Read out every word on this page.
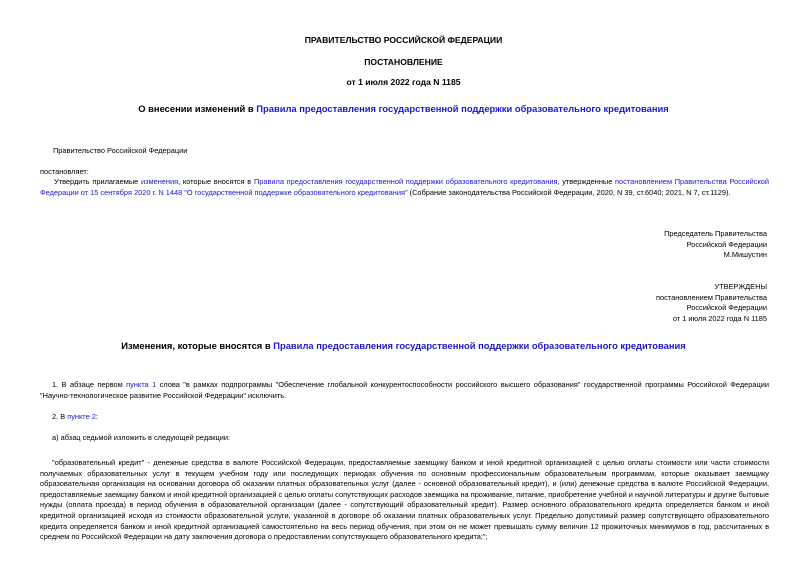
ПРАВИТЕЛЬСТВО РОССИЙСКОЙ ФЕДЕРАЦИИ
ПОСТАНОВЛЕНИЕ
от 1 июля 2022 года N 1185
О внесении изменений в Правила предоставления государственной поддержки образовательного кредитования
Правительство Российской Федерации
постановляет:
Утвердить прилагаемые изменения, которые вносятся в Правила предоставления государственной поддержки образовательного кредитования, утвержденные постановлением Правительства Российской Федерации от 15 сентября 2020 г. N 1448 "О государственной поддержке образовательного кредитования" (Собрание законодательства Российской Федерации, 2020, N 39, ст.6040; 2021, N 7, ст.1129).
Председатель Правительства
Российской Федерации
М.Мишустин
УТВЕРЖДЕНЫ
постановлением Правительства
Российской Федерации
от 1 июля 2022 года N 1185
Изменения, которые вносятся в Правила предоставления государственной поддержки образовательного кредитования
1. В абзаце первом пункта 1 слова "в рамках подпрограммы "Обеспечение глобальной конкурентоспособности российского высшего образования" государственной программы Российской Федерации "Научно-технологическое развитие Российской Федерации" исключить.
2. В пункте 2:
а) абзац седьмой изложить в следующей редакции:
"образовательный кредит" - денежные средства в валюте Российской Федерации, предоставляемые заемщику банком и иной кредитной организацией с целью оплаты стоимости или части стоимости получаемых образовательных услуг в текущем учебном году или последующих периодах обучения по основным профессиональным образовательным программам, которые оказывает заемщику образовательная организация на основании договора об оказании платных образовательных услуг (далее - основной образовательный кредит), и (или) денежные средства в валюте Российской Федерации, предоставляемые заемщику банком и иной кредитной организацией с целью оплаты сопутствующих расходов заемщика на проживание, питание, приобретение учебной и научной литературы и другие бытовые нужды (оплата проезда) в период обучения в образовательной организации (далее - сопутствующий образовательный кредит). Размер основного образовательного кредита определяется банком и иной кредитной организацией исходя из стоимости образовательной услуги, указанной в договоре об оказании платных образовательных услуг. Предельно допустимый размер сопутствующего образовательного кредита определяется банком и иной кредитной организацией самостоятельно на весь период обучения, при этом он не может превышать сумму величин 12 прожиточных минимумов в год, рассчитанных в среднем по Российской Федерации на дату заключения договора о предоставлении сопутствующего образовательного кредита;";
